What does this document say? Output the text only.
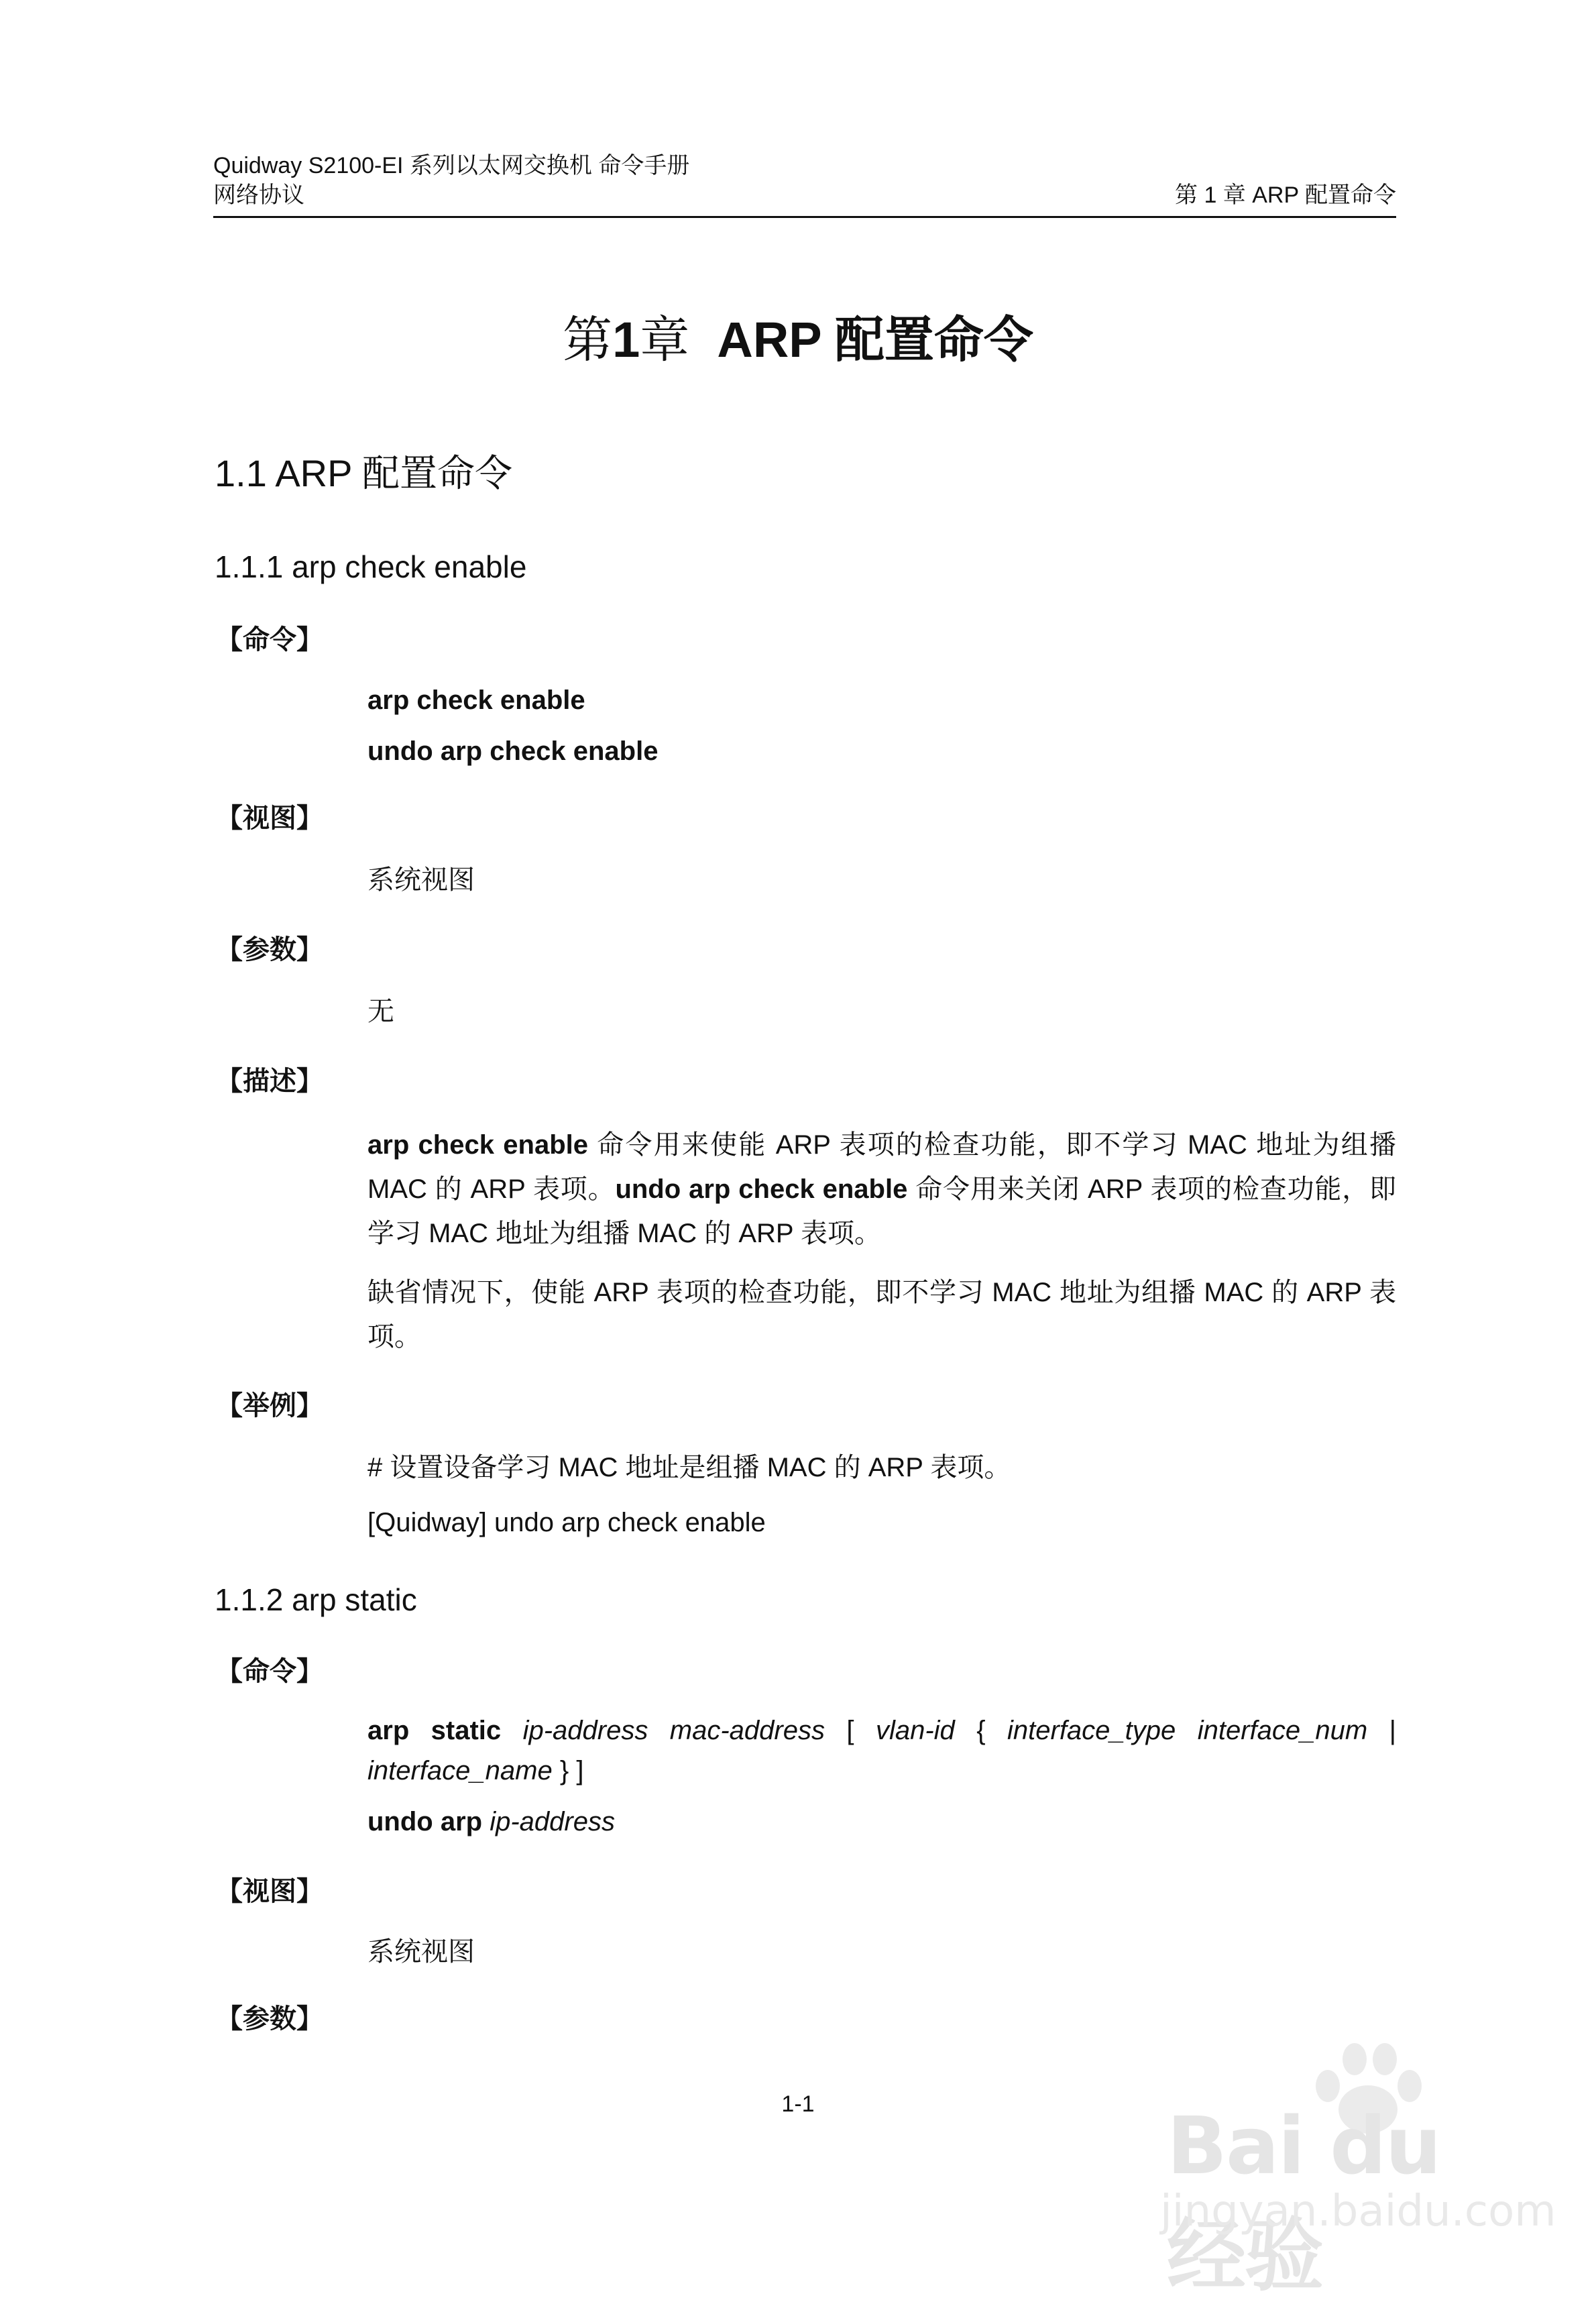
Quidway S2100-EI 系列以太网交换机 命令手册
网络协议	第 1 章 ARP 配置命令
第1章 ARP 配置命令
1.1 ARP 配置命令
1.1.1 arp check enable
【命令】
arp check enable
undo arp check enable
【视图】
系统视图
【参数】
无
【描述】
arp check enable 命令用来使能 ARP 表项的检查功能，即不学习 MAC 地址为组播 MAC 的 ARP 表项。undo arp check enable 命令用来关闭 ARP 表项的检查功能，即学习 MAC 地址为组播 MAC 的 ARP 表项。
缺省情况下，使能 ARP 表项的检查功能，即不学习 MAC 地址为组播 MAC 的 ARP 表项。
【举例】
# 设置设备学习 MAC 地址是组播 MAC 的 ARP 表项。
[Quidway] undo arp check enable
1.1.2 arp static
【命令】
arp static ip-address mac-address [ vlan-id { interface_type interface_num |
interface_name } ]
undo arp ip-address
【视图】
系统视图
【参数】
1-1	Bai du 经验
jingyan.baidu.com
